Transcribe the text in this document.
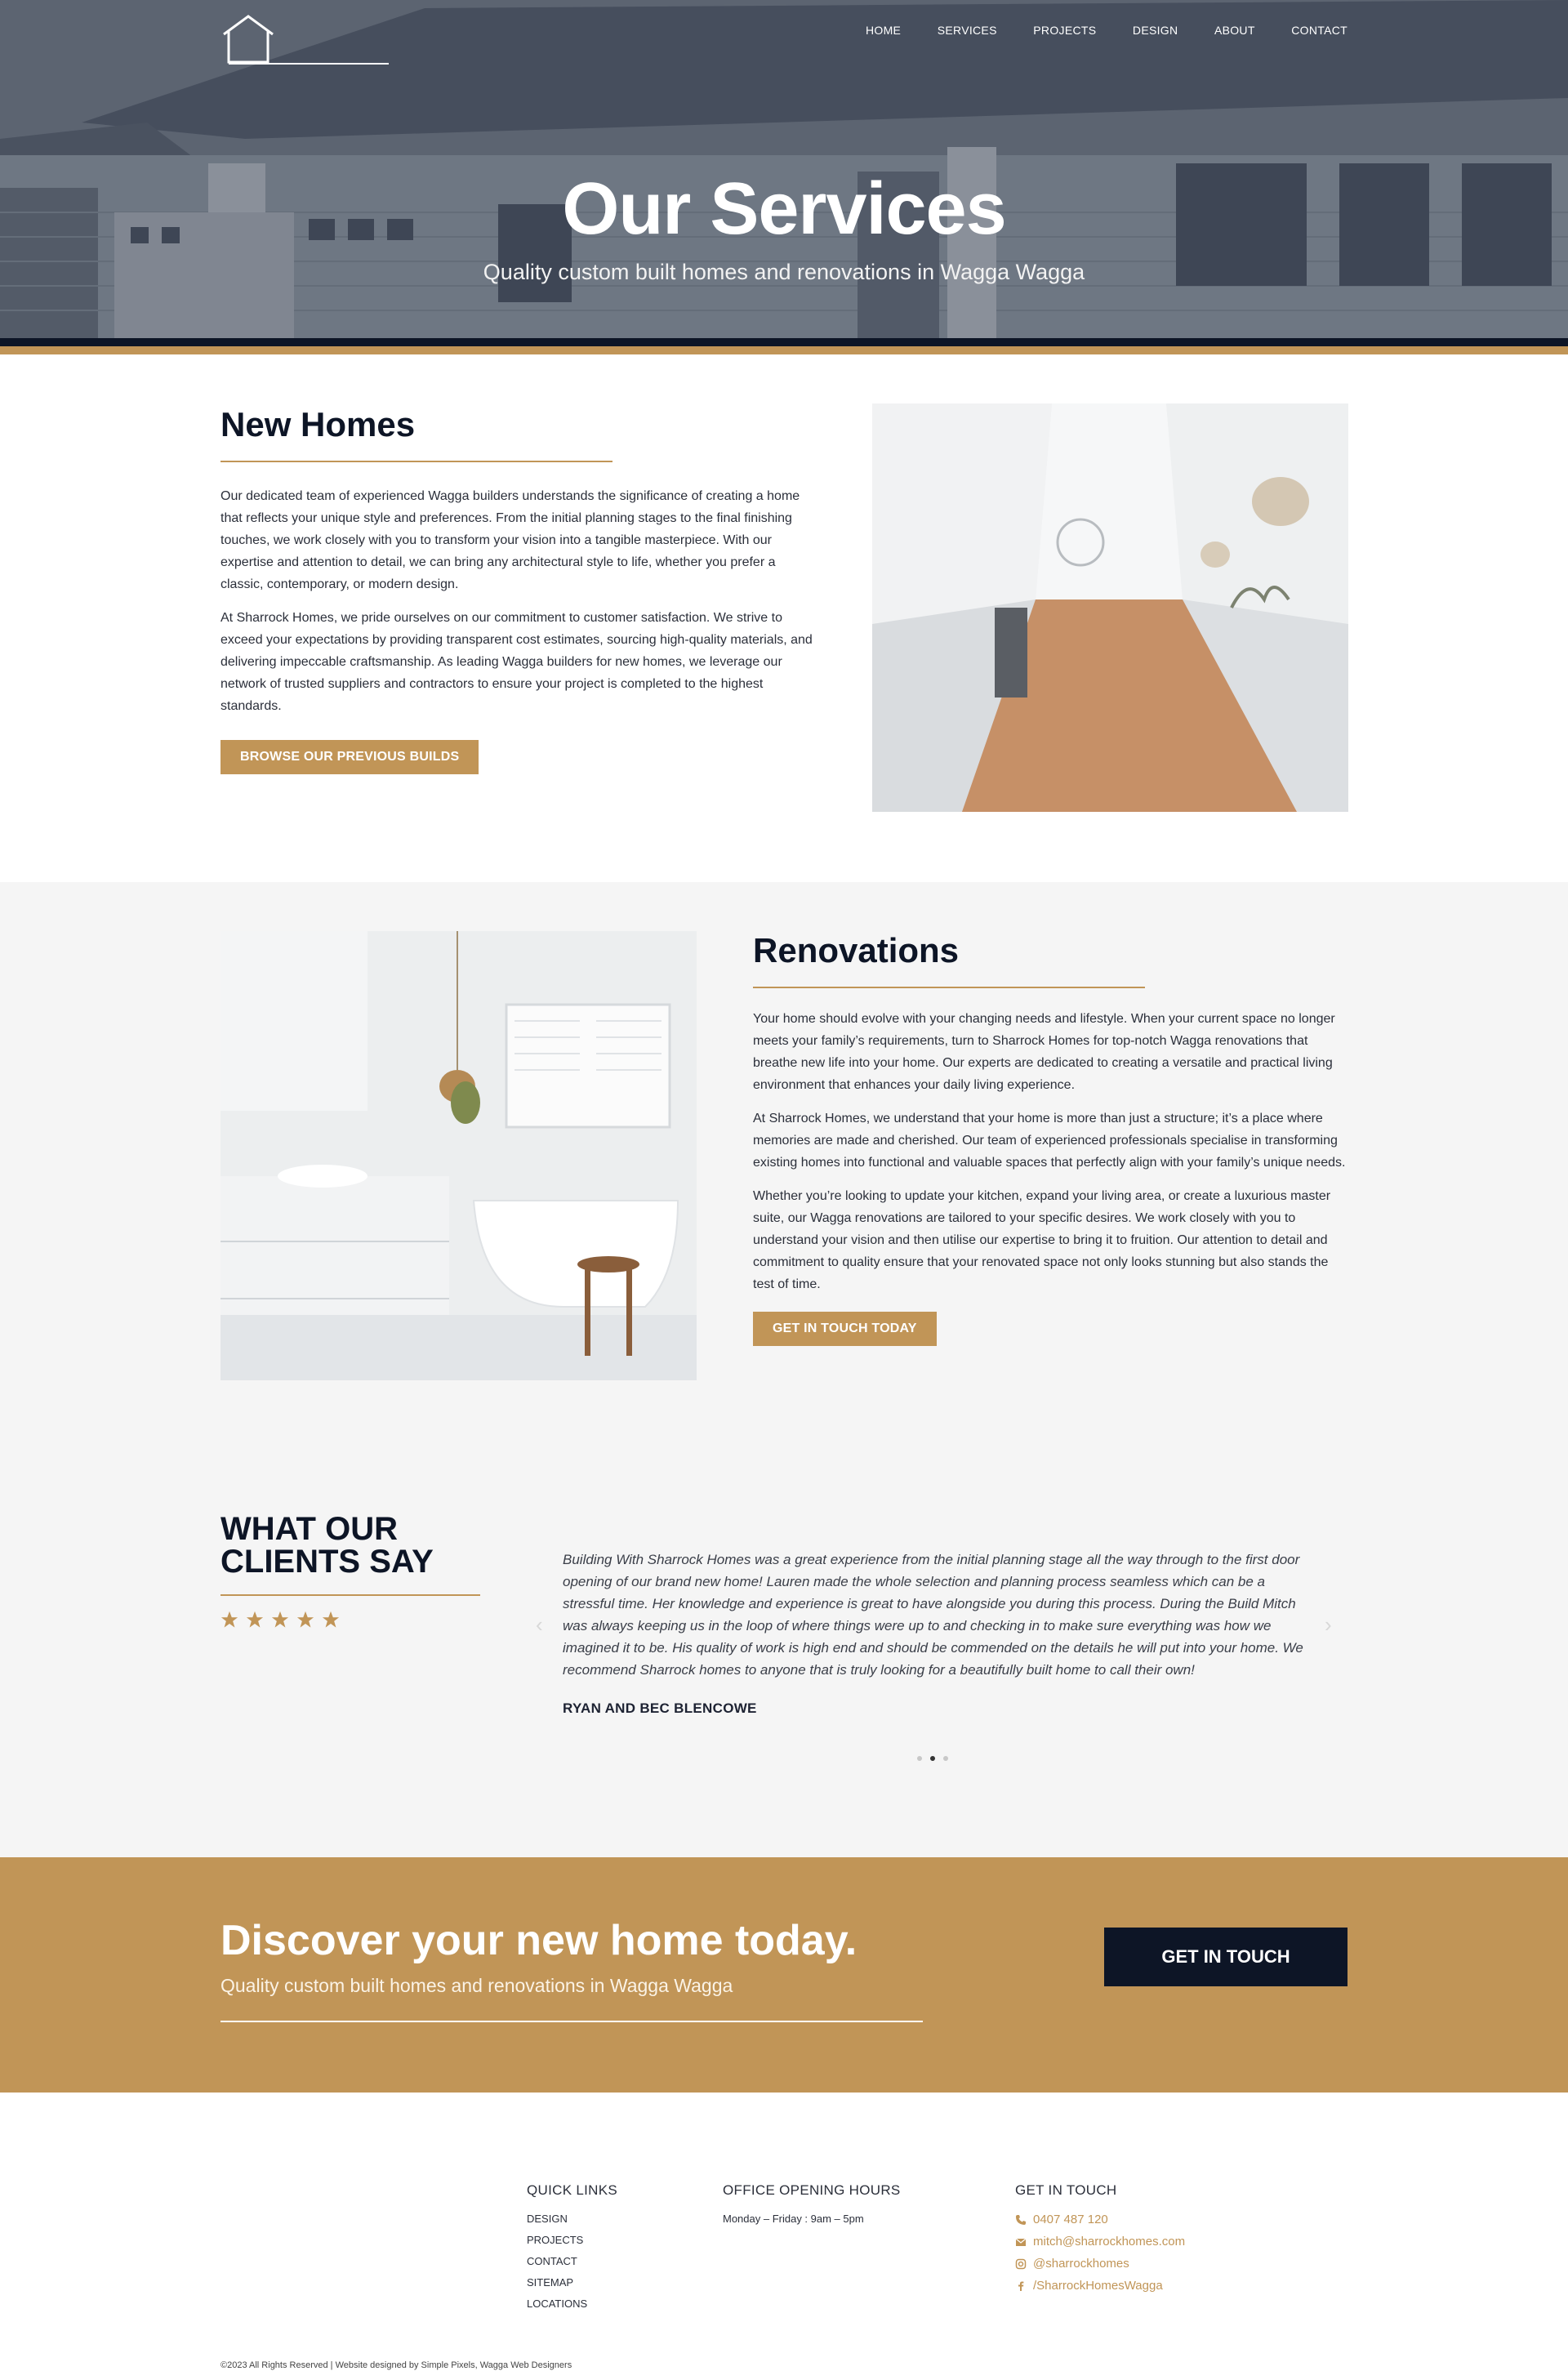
HOME	SERVICES	PROJECTS	DESIGN	ABOUT	CONTACT
Our Services

Quality custom built homes and renovations in Wagga Wagga

New Homes

Our dedicated team of experienced Wagga builders understands the significance of creating a home that reflects your unique style and preferences. From the initial planning stages to the final finishing touches, we work closely with you to transform your vision into a tangible masterpiece. With our expertise and attention to detail, we can bring any architectural style to life, whether you prefer a classic, contemporary, or modern design.

At Sharrock Homes, we pride ourselves on our commitment to customer satisfaction. We strive to exceed your expectations by providing transparent cost estimates, sourcing high-quality materials, and delivering impeccable craftsmanship. As leading Wagga builders for new homes, we leverage our network of trusted suppliers and contractors to ensure your project is completed to the highest standards.

BROWSE OUR PREVIOUS BUILDS
Renovations

Your home should evolve with your changing needs and lifestyle. When your current space no longer meets your family’s requirements, turn to Sharrock Homes for top-notch Wagga renovations that breathe new life into your home. Our experts are dedicated to creating a versatile and practical living environment that enhances your daily living experience.

At Sharrock Homes, we understand that your home is more than just a structure; it’s a place where memories are made and cherished. Our team of experienced professionals specialise in transforming existing homes into functional and valuable spaces that perfectly align with your family’s unique needs.

Whether you’re looking to update your kitchen, expand your living area, or create a luxurious master suite, our Wagga renovations are tailored to your specific desires. We work closely with you to understand your vision and then utilise our expertise to bring it to fruition. Our attention to detail and commitment to quality ensure that your renovated space not only looks stunning but also stands the test of time.

GET IN TOUCH TODAY
WHAT OUR
CLIENTS SAY
‹

Building With Sharrock Homes was a great experience from the initial planning stage all the way through to the first door opening of our brand new home! Lauren made the whole selection and planning process seamless which can be a stressful time. Her knowledge and experience is great to have alongside you during this process. During the Build Mitch was always keeping us in the loop of where things were up to and checking in to make sure everything was how we imagined it to be. His quality of work is high end and should be commended on the details he will put into your home. We recommend Sharrock homes to anyone that is truly looking for a beautifully built home to call their own!

›
RYAN AND BEC BLENCOWE
Discover your new home today.

Quality custom built homes and renovations in Wagga Wagga

GET IN TOUCH
QUICK LINKS
DESIGN
PROJECTS
CONTACT
SITEMAP
LOCATIONS
OFFICE OPENING HOURS
Monday – Friday : 9am – 5pm
GET IN TOUCH
0407 487 120
mitch@sharrockhomes.com
@sharrockhomes
/SharrockHomesWagga
©2023 All Rights Reserved | Website designed by Simple Pixels, Wagga Web Designers
